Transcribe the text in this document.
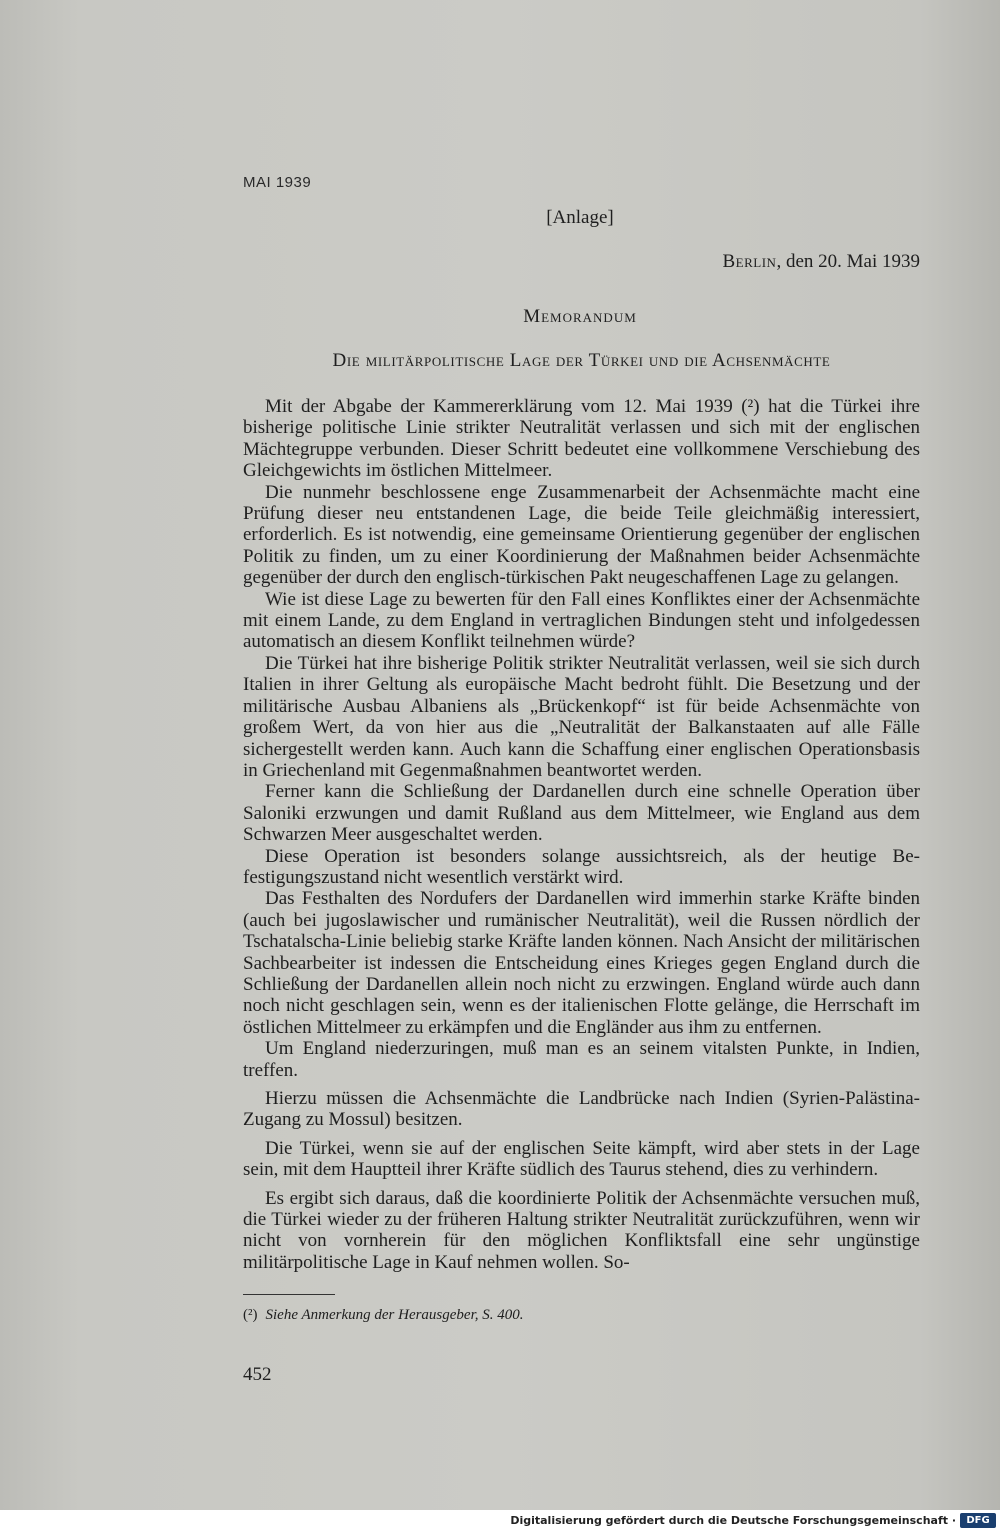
MAI 1939
[Anlage]
Berlin, den 20. Mai 1939
Memorandum
Die militärpolitische Lage der Türkei und die Achsenmächte

Mit der Abgabe der Kammererklärung vom 12. Mai 1939 (²) hat die Türkei ihre bisherige politische Linie strikter Neutralität verlassen und sich mit der englischen Mächtegruppe verbunden. Dieser Schritt bedeutet eine vollkommene Verschiebung des Gleichgewichts im östlichen Mittelmeer.

Die nunmehr beschlossene enge Zusammenarbeit der Achsenmächte macht eine Prüfung dieser neu entstandenen Lage, die beide Teile gleichmäßig interessiert, erforderlich. Es ist notwendig, eine gemeinsame Orientierung gegenüber der englischen Politik zu finden, um zu einer Koordinierung der Maßnahmen beider Achsenmächte gegenüber der durch den englisch-türkischen Pakt neugeschaffenen Lage zu gelangen.

Wie ist diese Lage zu bewerten für den Fall eines Konfliktes einer der Achsenmächte mit einem Lande, zu dem England in vertraglichen Bindungen steht und infolgedessen automatisch an diesem Konflikt teilnehmen würde?

Die Türkei hat ihre bisherige Politik strikter Neutralität verlassen, weil sie sich durch Italien in ihrer Geltung als europäische Macht bedroht fühlt. Die Besetzung und der militärische Ausbau Albaniens als „Brückenkopf“ ist für beide Achsenmächte von großem Wert, da von hier aus die „Neutralität der Balkanstaaten auf alle Fälle sichergestellt werden kann. Auch kann die Schaffung einer englischen Operationsbasis in Griechenland mit Gegenmaßnahmen beantwortet werden.

Ferner kann die Schließung der Dardanellen durch eine schnelle Operation über Saloniki erzwungen und damit Rußland aus dem Mittelmeer, wie England aus dem Schwarzen Meer ausgeschaltet werden.

Diese Operation ist besonders solange aussichtsreich, als der heutige Befestigungszustand nicht wesentlich verstärkt wird.

Das Festhalten des Nordufers der Dardanellen wird immerhin starke Kräfte binden (auch bei jugoslawischer und rumänischer Neutralität), weil die Russen nördlich der Tschatalscha-Linie beliebig starke Kräfte landen können. Nach Ansicht der militärischen Sachbearbeiter ist indessen die Entscheidung eines Krieges gegen England durch die Schließung der Dardanellen allein noch nicht zu erzwingen. England würde auch dann noch nicht geschlagen sein, wenn es der italienischen Flotte gelänge, die Herrschaft im östlichen Mittelmeer zu erkämpfen und die Engländer aus ihm zu entfernen.

Um England niederzuringen, muß man es an seinem vitalsten Punkte, in Indien, treffen.

Hierzu müssen die Achsenmächte die Landbrücke nach Indien (Syrien-Palästina-Zugang zu Mossul) besitzen.

Die Türkei, wenn sie auf der englischen Seite kämpft, wird aber stets in der Lage sein, mit dem Hauptteil ihrer Kräfte südlich des Taurus stehend, dies zu verhindern.

Es ergibt sich daraus, daß die koordinierte Politik der Achsenmächte versuchen muß, die Türkei wieder zu der früheren Haltung strikter Neutralität zurückzuführen, wenn wir nicht von vornherein für den möglichen Konfliktsfall eine sehr ungünstige militärpolitische Lage in Kauf nehmen wollen. So-

(²) Siehe Anmerkung der Herausgeber, S. 400.
452
Digitalisierung gefördert durch die Deutsche Forschungsgemeinschaft ·	DFG
